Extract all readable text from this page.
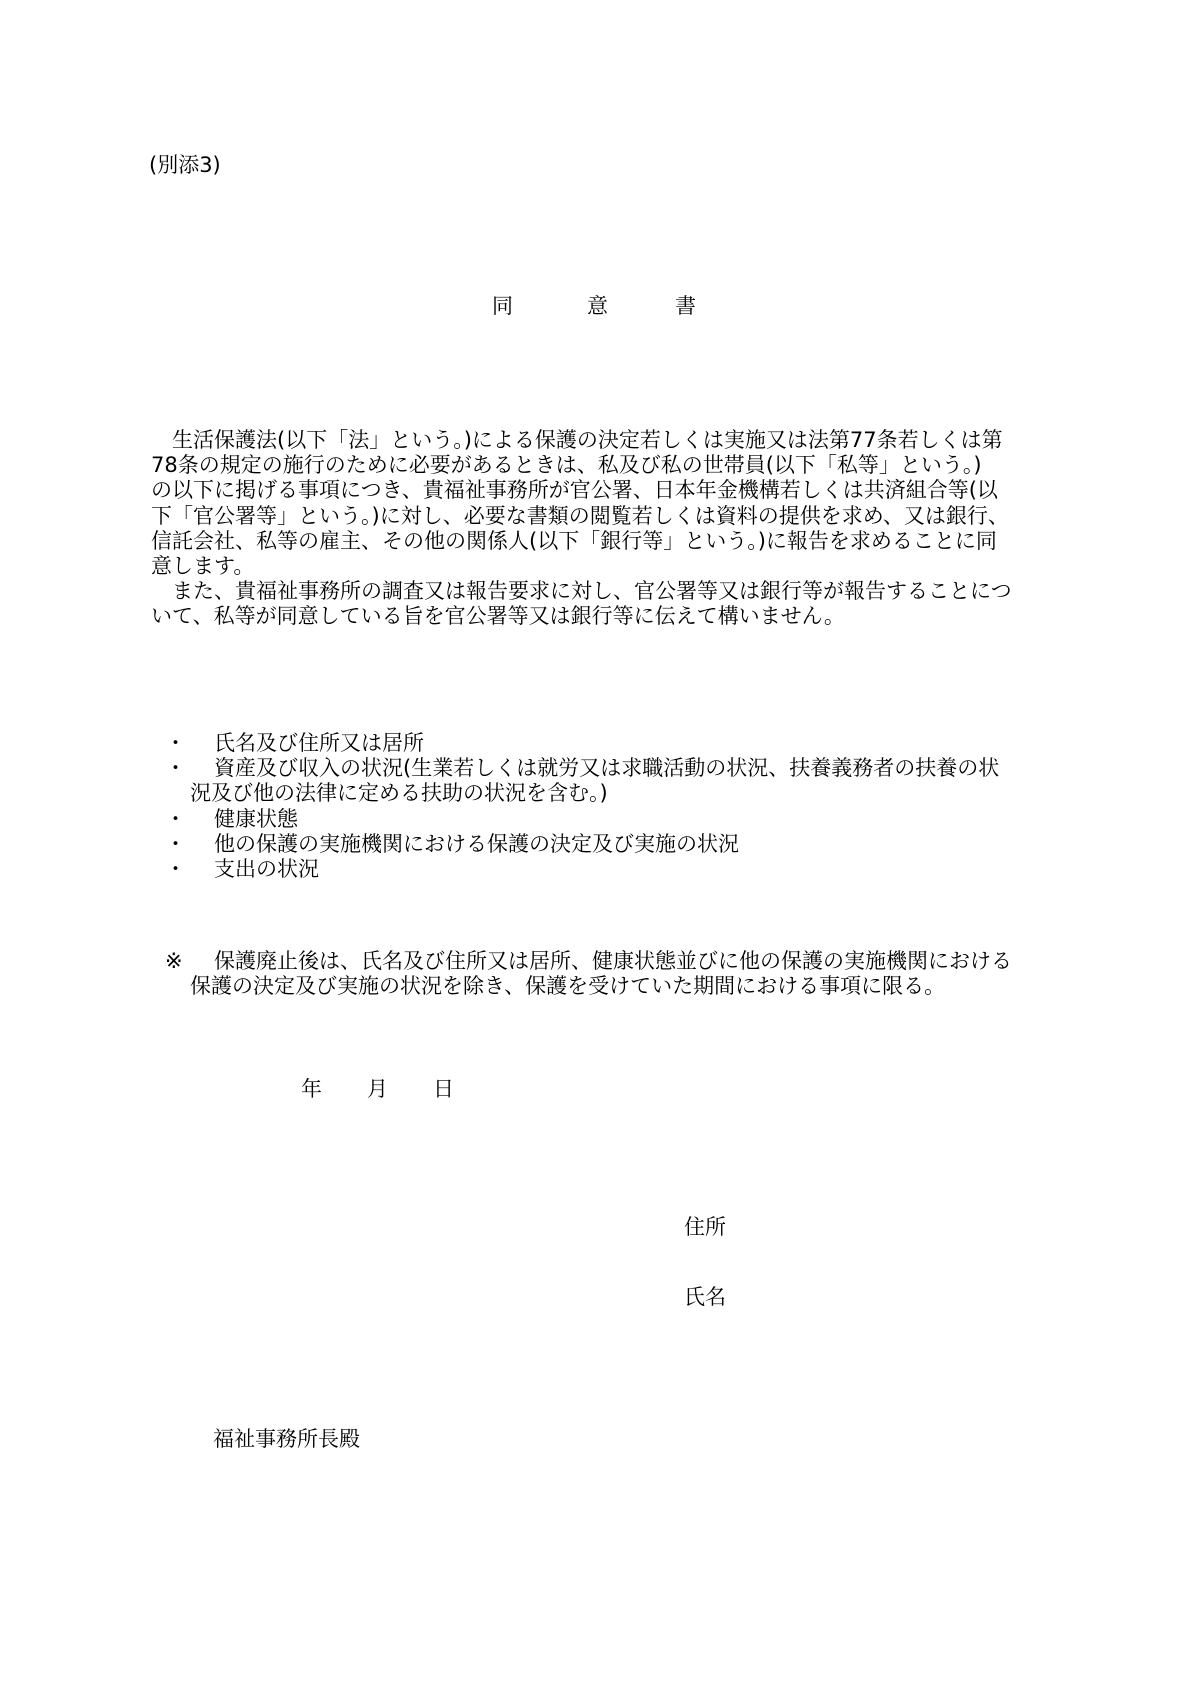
(別添3)
同	意	書
　生活保護法(以下「法」という。)による保護の決定若しくは実施又は法第77条若しくは第
78条の規定の施行のために必要があるときは、私及び私の世帯員(以下「私等」という。)
の以下に掲げる事項につき、貴福祉事務所が官公署、日本年金機構若しくは共済組合等(以
下「官公署等」という。)に対し、必要な書類の閲覧若しくは資料の提供を求め、又は銀行、
信託会社、私等の雇主、その他の関係人(以下「銀行等」という。)に報告を求めることに同
意します。
　また、貴福祉事務所の調査又は報告要求に対し、官公署等又は銀行等が報告することにつ
いて、私等が同意している旨を官公署等又は銀行等に伝えて構いません。
・ 氏名及び住所又は居所
・ 資産及び収入の状況(生業若しくは就労又は求職活動の状況、扶養義務者の扶養の状
況及び他の法律に定める扶助の状況を含む。)
・ 健康状態
・ 他の保護の実施機関における保護の決定及び実施の状況
・ 支出の状況
※ 保護廃止後は、氏名及び住所又は居所、健康状態並びに他の保護の実施機関における
保護の決定及び実施の状況を除き、保護を受けていた期間における事項に限る。
年 月 日
住所
氏名
福祉事務所長殿
